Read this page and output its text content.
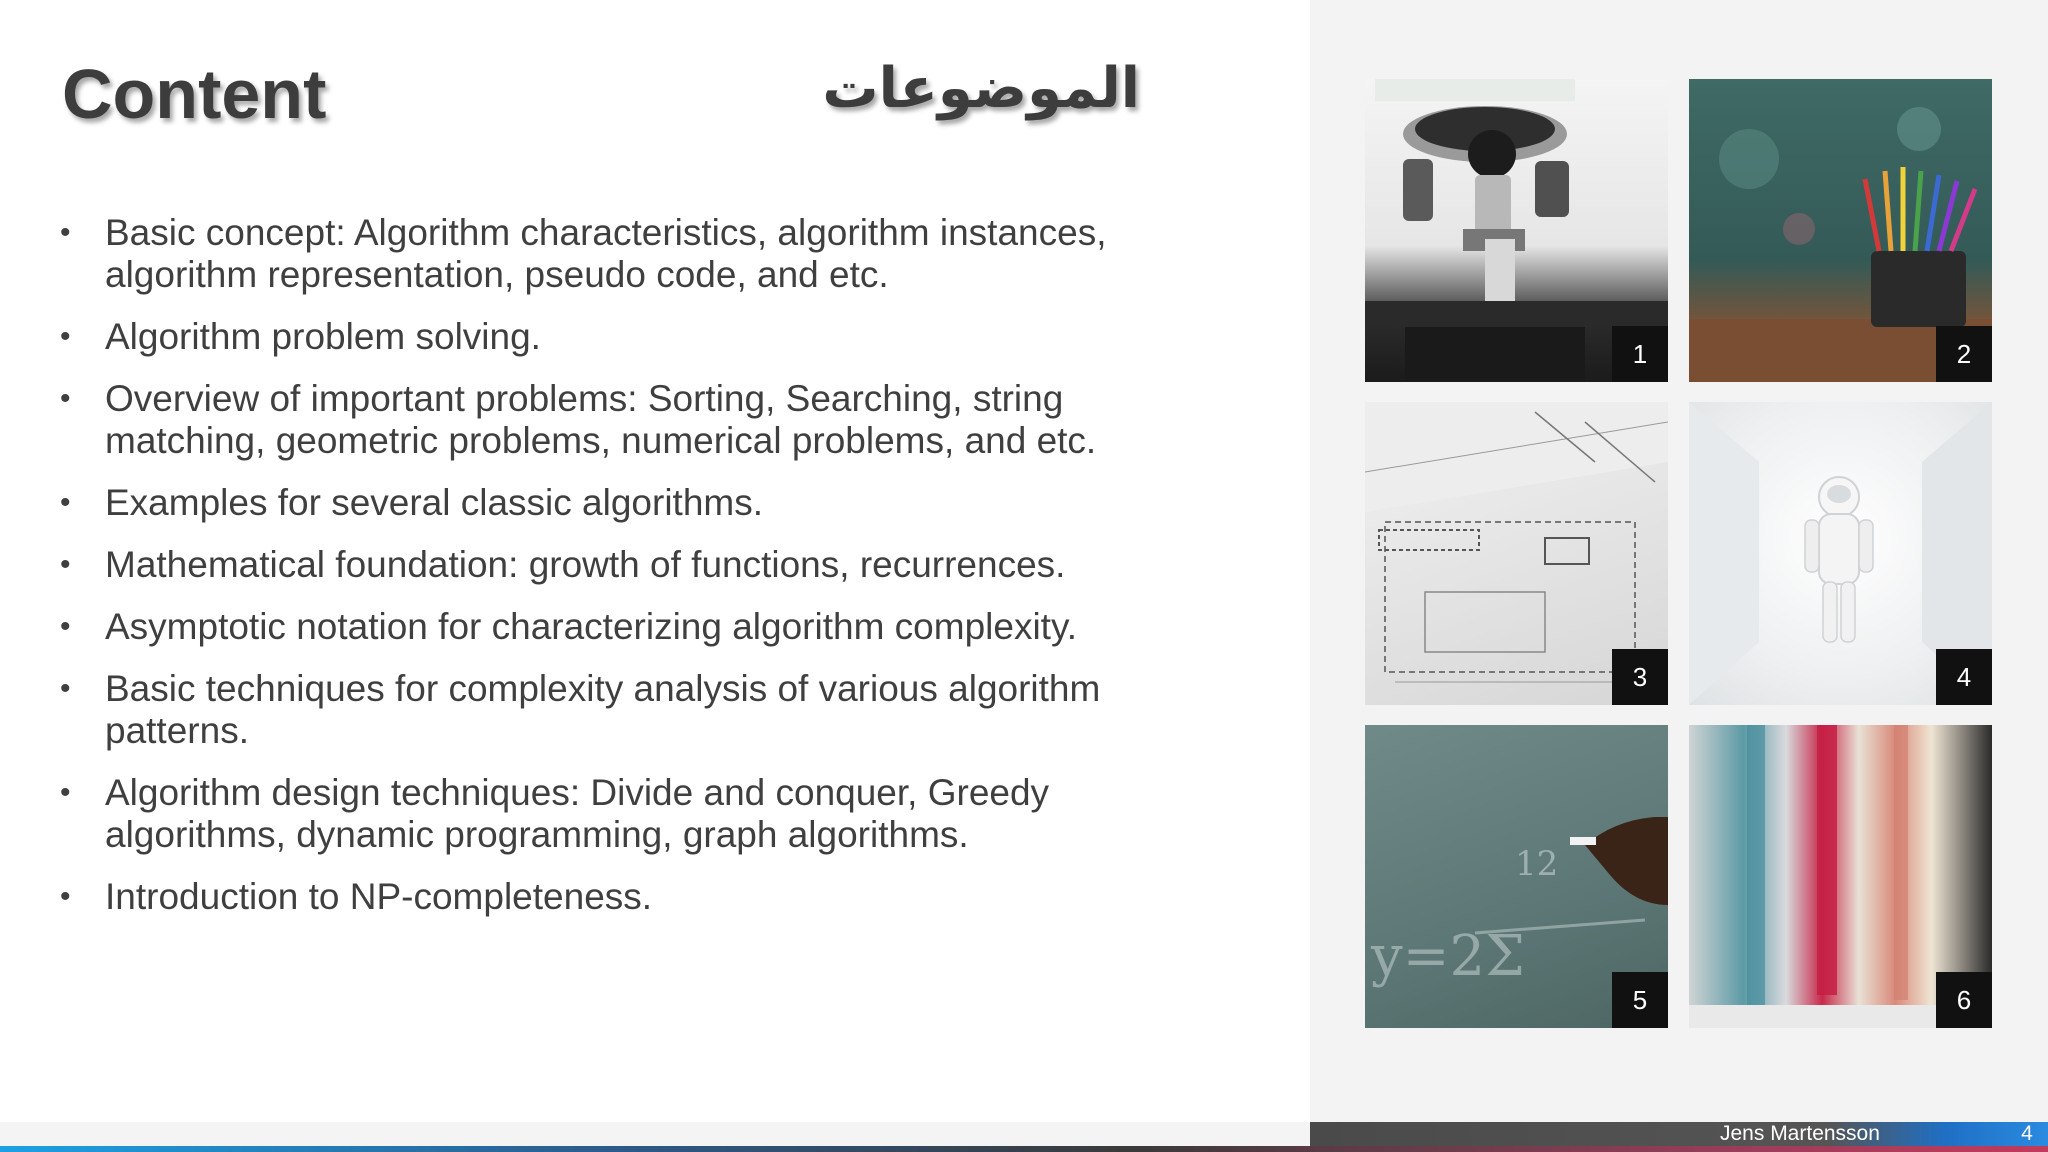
Content	الموضوعات
• Basic concept: Algorithm characteristics, algorithm instances, algorithm representation, pseudo code, and etc.
• Algorithm problem solving.
• Overview of important problems: Sorting, Searching, string matching, geometric problems, numerical problems, and etc.
• Examples for several classic algorithms.
• Mathematical foundation: growth of functions, recurrences.
• Asymptotic notation for characterizing algorithm complexity.
• Basic techniques for complexity analysis of various algorithm patterns.
• Algorithm design techniques: Divide and conquer, Greedy algorithms, dynamic programming, graph algorithms.
• Introduction to NP-completeness.
1	2
3	4
y=2Σ
12
5	6
Jens Martensson	4
